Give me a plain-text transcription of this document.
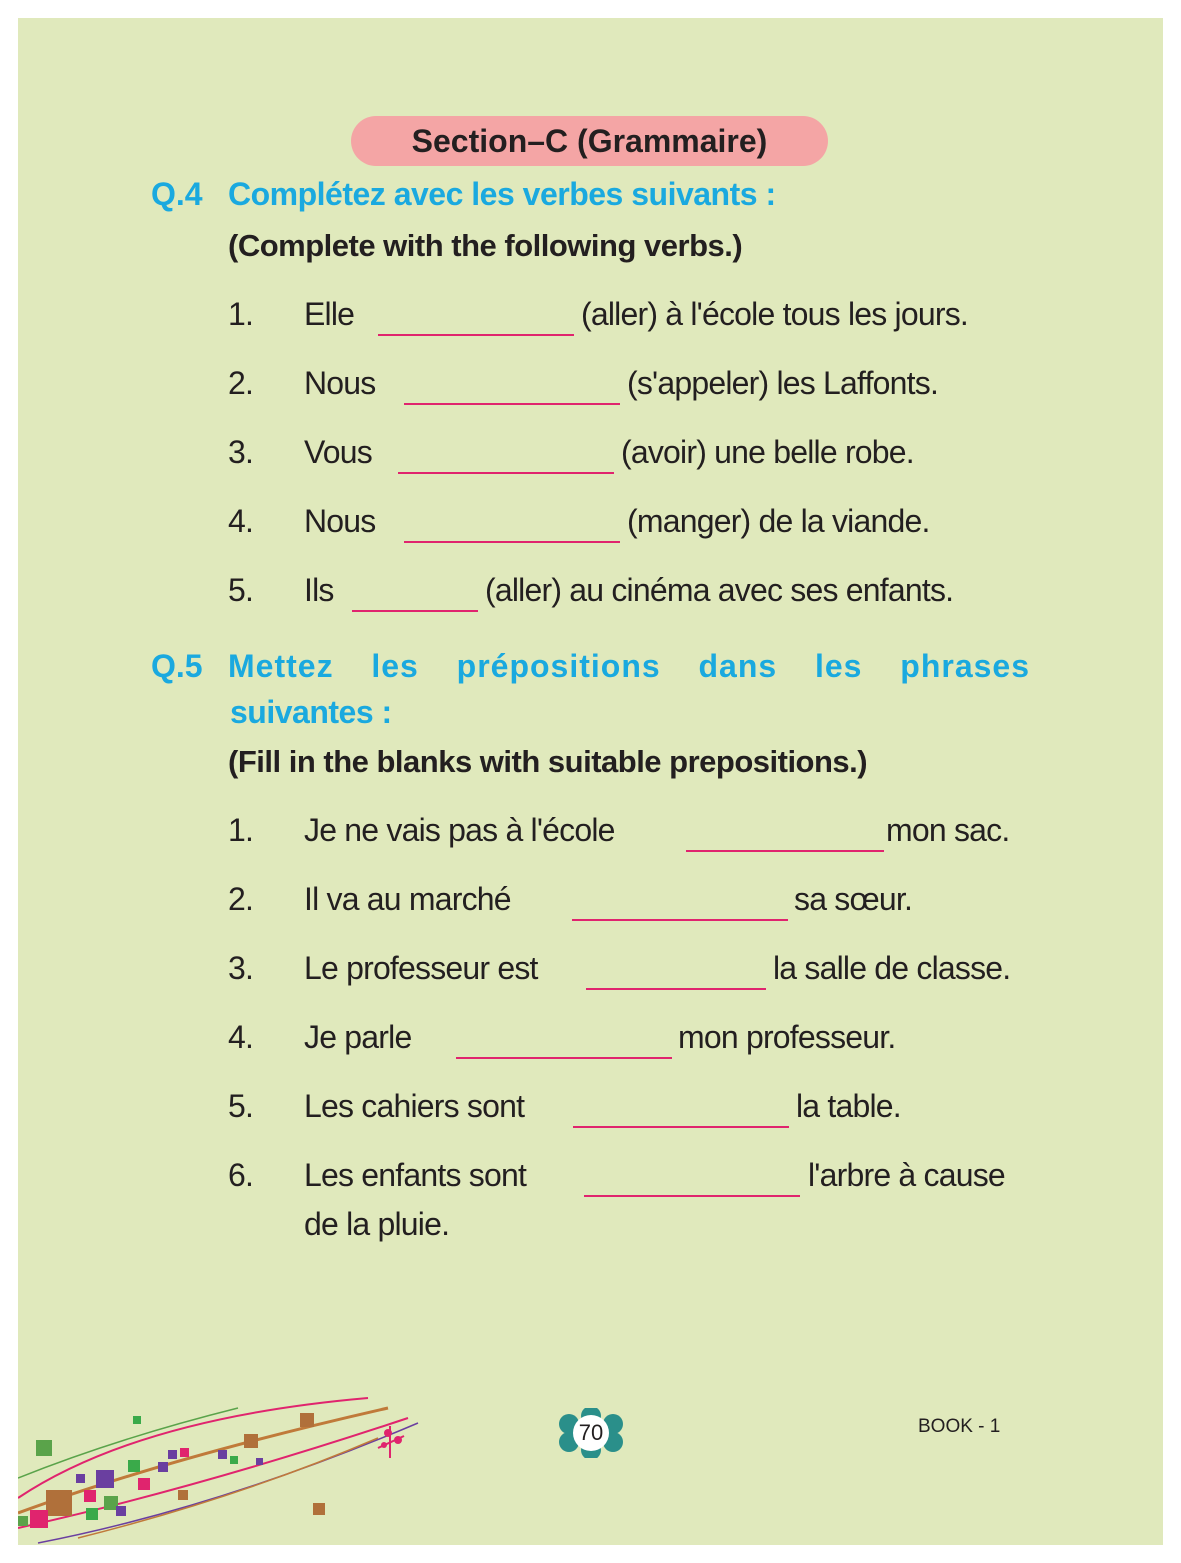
Section–C (Grammaire)
Q.4 Complétez avec les verbes suivants :
(Complete with the following verbs.)
1. Elle	(aller) à l'école tous les jours.
2. Nous	(s'appeler) les Laffonts.
3. Vous	(avoir) une belle robe.
4. Nous	(manger) de la viande.
5. Ils	(aller) au cinéma avec ses enfants.
Q.5 Mettez les prépositions dans les phrases
suivantes :
(Fill in the blanks with suitable prepositions.)
1. Je ne vais pas à l'école	mon sac.
2. Il va au marché	sa sœur.
3. Le professeur est	la salle de classe.
4. Je parle	mon professeur.
5. Les cahiers sont	la table.
6. Les enfants sont	l'arbre à cause
de la pluie.
70	BOOK - 1
